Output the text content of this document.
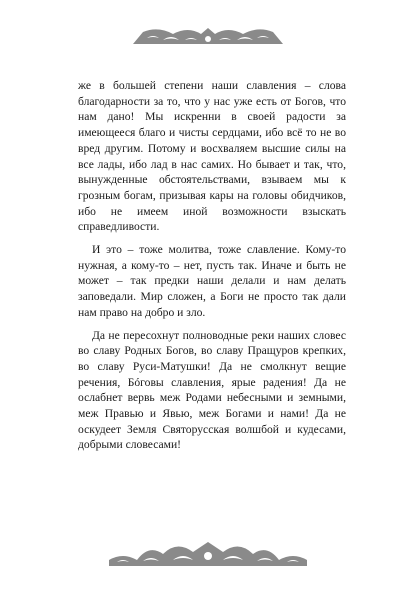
же в большей степени наши славления – слова благодарности за то, что у нас уже есть от Богов, что нам дано! Мы искренни в своей радости за имеющееся благо и чисты сердцами, ибо всё то не во вред другим. Потому и восхваляем высшие силы на все лады, ибо лад в нас самих. Но бывает и так, что, вынужденные обстоятельствами, взываем мы к грозным богам, призывая кары на головы обидчиков, ибо не имеем иной возможности взыскать справедливости.

И это – тоже молитва, тоже славление. Кому-то нужная, а кому-то – нет, пусть так. Иначе и быть не может – так предки наши делали и нам делать заповедали. Мир сложен, а Боги не просто так дали нам право на добро и зло.

Да не пересохнут полноводные реки наших словес во славу Родных Богов, во славу Пращуров крепких, во славу Руси-Матушки! Да не смолкнут вещие речения, Бóговы славления, ярые радения! Да не ослабнет вервь меж Родами небесными и земными, меж Правью и Явью, меж Богами и нами! Да не оскудеет Земля Святорусская волшбой и кудесами, добрыми словесами!
